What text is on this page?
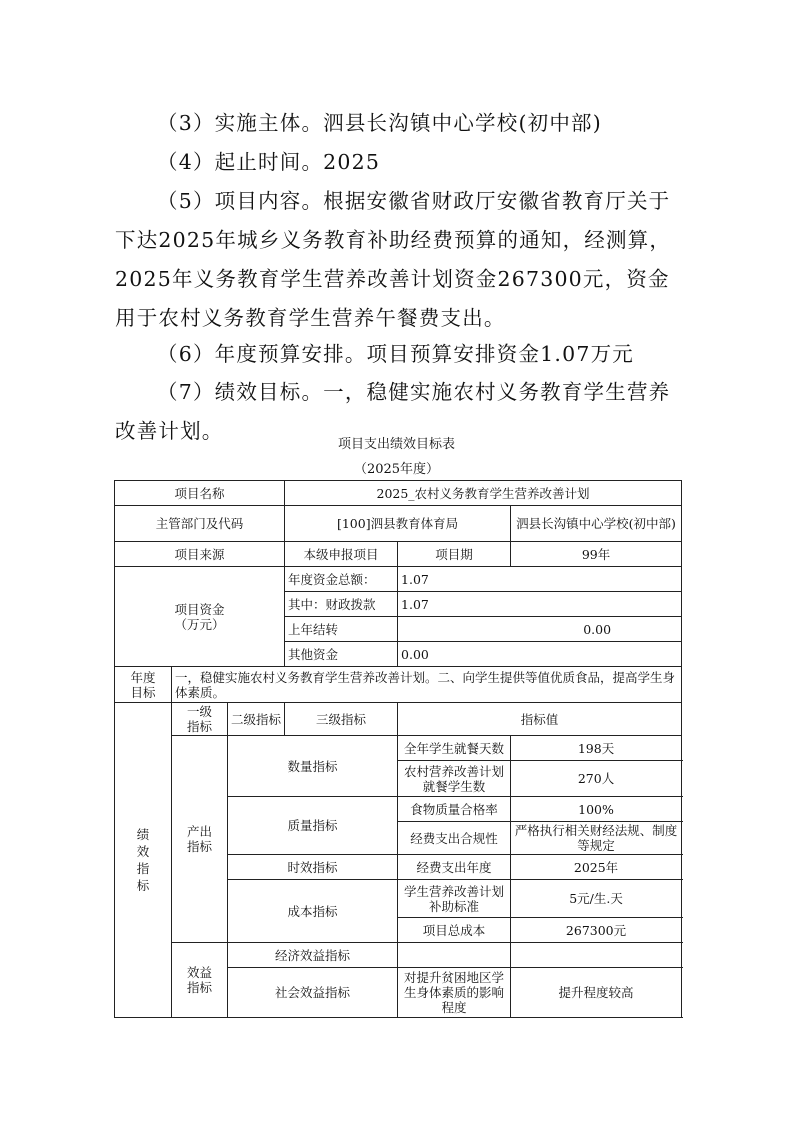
（3）实施主体。泗县长沟镇中心学校(初中部)
（4）起止时间。2025
（5）项目内容。根据安徽省财政厅安徽省教育厅关于下达2025年城乡义务教育补助经费预算的通知，经测算，2025年义务教育学生营养改善计划资金267300元，资金用于农村义务教育学生营养午餐费支出。
（6）年度预算安排。项目预算安排资金1.07万元
（7）绩效目标。一，稳健实施农村义务教育学生营养改善计划。
项目支出绩效目标表
（2025年度）
项目名称			2025_农村义务教育学生营养改善计划		
主管部门及代码			[100]泗县教育体育局		泗县长沟镇中心学校(初中部)
项目来源			本级申报项目	项目期	99年

项目资金
（万元）			年度资金总额：	1.07	
			其中：财政拨款	1.07	
			上年结转	0.00	
			其他资金	0.00	
年度目标	一，稳健实施农村义务教育学生营养改善计划。二、向学生提供等值优质食品，提高学生身体素质。				
绩效指标	一级指标	二级指标	三级指标	指标值	
	产出指标	数量指标		全年学生就餐天数	198天
				农村营养改善计划就餐学生数	270人
		质量指标		食物质量合格率	100%
				经费支出合规性	严格执行相关财经法规、制度等规定
		时效指标		经费支出年度	2025年
		成本指标		学生营养改善计划补助标准	5元/生.天
				项目总成本	267300元
	效益指标	经济效益指标			
		社会效益指标		对提升贫困地区学生身体素质的影响程度	提升程度较高
